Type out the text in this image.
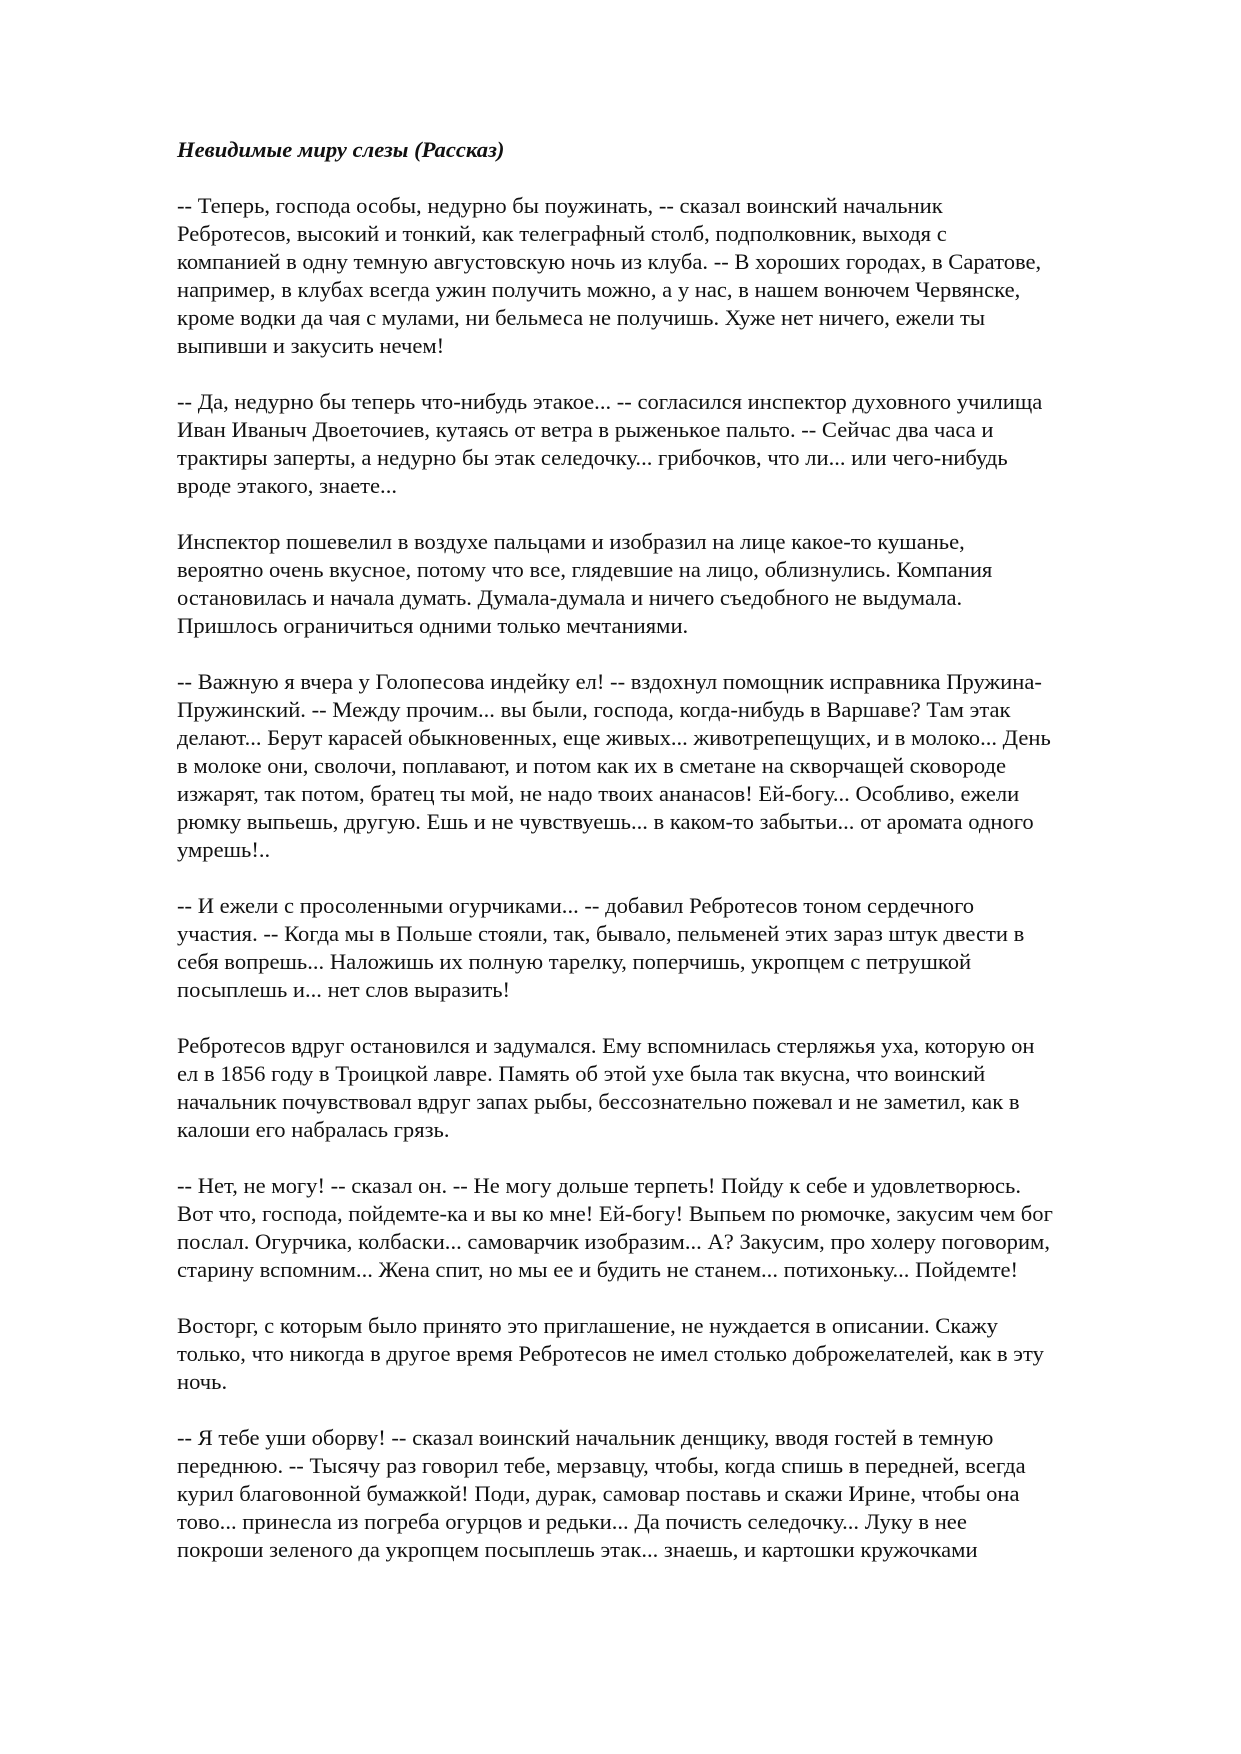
Невидимые миру слезы (Рассказ)
-- Теперь, господа особы, недурно бы поужинать, -- сказал воинский начальник
Ребротесов, высокий и тонкий, как телеграфный столб, подполковник, выходя с
компанией в одну темную августовскую ночь из клуба. -- В хороших городах, в Саратове,
например, в клубах всегда ужин получить можно, а у нас, в нашем вонючем Червянске,
кроме водки да чая с мулами, ни бельмеса не получишь. Хуже нет ничего, ежели ты
выпивши и закусить нечем!
-- Да, недурно бы теперь что-нибудь этакое... -- согласился инспектор духовного училища
Иван Иваныч Двоеточиев, кутаясь от ветра в рыженькое пальто. -- Сейчас два часа и
трактиры заперты, а недурно бы этак селедочку... грибочков, что ли... или чего-нибудь
вроде этакого, знаете...
Инспектор пошевелил в воздухе пальцами и изобразил на лице какое-то кушанье,
вероятно очень вкусное, потому что все, глядевшие на лицо, облизнулись. Компания
остановилась и начала думать. Думала-думала и ничего съедобного не выдумала.
Пришлось ограничиться одними только мечтаниями.
-- Важную я вчера у Голопесова индейку ел! -- вздохнул помощник исправника Пружина-
Пружинский. -- Между прочим... вы были, господа, когда-нибудь в Варшаве? Там этак
делают... Берут карасей обыкновенных, еще живых... животрепещущих, и в молоко... День
в молоке они, сволочи, поплавают, и потом как их в сметане на скворчащей сковороде
изжарят, так потом, братец ты мой, не надо твоих ананасов! Ей-богу... Особливо, ежели
рюмку выпьешь, другую. Ешь и не чувствуешь... в каком-то забытьи... от аромата одного
умрешь!..
-- И ежели с просоленными огурчиками... -- добавил Ребротесов тоном сердечного
участия. -- Когда мы в Польше стояли, так, бывало, пельменей этих зараз штук двести в
себя вопрешь... Наложишь их полную тарелку, поперчишь, укропцем с петрушкой
посыплешь и... нет слов выразить!
Ребротесов вдруг остановился и задумался. Ему вспомнилась стерляжья уха, которую он
ел в 1856 году в Троицкой лавре. Память об этой ухе была так вкусна, что воинский
начальник почувствовал вдруг запах рыбы, бессознательно пожевал и не заметил, как в
калоши его набралась грязь.
-- Нет, не могу! -- сказал он. -- Не могу дольше терпеть! Пойду к себе и удовлетворюсь.
Вот что, господа, пойдемте-ка и вы ко мне! Ей-богу! Выпьем по рюмочке, закусим чем бог
послал. Огурчика, колбаски... самоварчик изобразим... А? Закусим, про холеру поговорим,
старину вспомним... Жена спит, но мы ее и будить не станем... потихоньку... Пойдемте!
Восторг, с которым было принято это приглашение, не нуждается в описании. Скажу
только, что никогда в другое время Ребротесов не имел столько доброжелателей, как в эту
ночь.
-- Я тебе уши оборву! -- сказал воинский начальник денщику, вводя гостей в темную
переднюю. -- Тысячу раз говорил тебе, мерзавцу, чтобы, когда спишь в передней, всегда
курил благовонной бумажкой! Поди, дурак, самовар поставь и скажи Ирине, чтобы она
тово... принесла из погреба огурцов и редьки... Да почисть селедочку... Луку в нее
покроши зеленого да укропцем посыплешь этак... знаешь, и картошки кружочками
